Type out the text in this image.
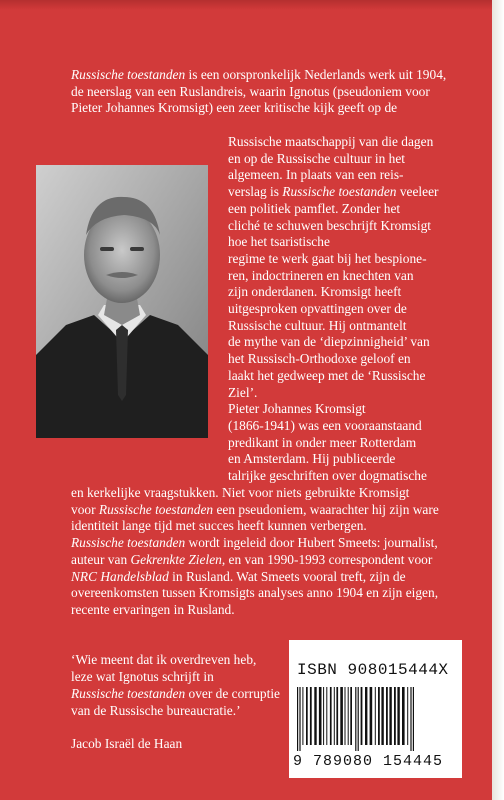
Russische toestanden is een oorspronkelijk Nederlands werk uit 1904,
de neerslag van een Ruslandreis, waarin Ignotus (pseudoniem voor
Pieter Johannes Kromsigt) een zeer kritische kijk geeft op de
Russische maatschappij van die dagen
en op de Russische cultuur in het
algemeen. In plaats van een reis-
verslag is Russische toestanden veeleer
een politiek pamflet. Zonder het
cliché te schuwen beschrijft Kromsigt
hoe het tsaristische
regime te werk gaat bij het bespione-
ren, indoctrineren en knechten van
zijn onderdanen. Kromsigt heeft
uitgesproken opvattingen over de
Russische cultuur. Hij ontmantelt
de mythe van de ‘diepzinnigheid’ van
het Russisch-Orthodoxe geloof en
laakt het gedweep met de ‘Russische
Ziel’.
Pieter Johannes Kromsigt
(1866-1941) was een vooraanstaand
predikant in onder meer Rotterdam
en Amsterdam. Hij publiceerde
talrijke geschriften over dogmatische
en kerkelijke vraagstukken. Niet voor niets gebruikte Kromsigt
voor Russische toestanden een pseudoniem, waarachter hij zijn ware
identiteit lange tijd met succes heeft kunnen verbergen.
Russische toestanden wordt ingeleid door Hubert Smeets: journalist,
auteur van Gekrenkte Zielen, en van 1990-1993 correspondent voor
NRC Handelsblad in Rusland. Wat Smeets vooral treft, zijn de
overeenkomsten tussen Kromsigts analyses anno 1904 en zijn eigen,
recente ervaringen in Rusland.
‘Wie meent dat ik overdreven heb,
leze wat Ignotus schrijft in
Russische toestanden over de corruptie
van de Russische bureaucratie.’
Jacob Israël de Haan
ISBN 908015444X
9 789080 154445
